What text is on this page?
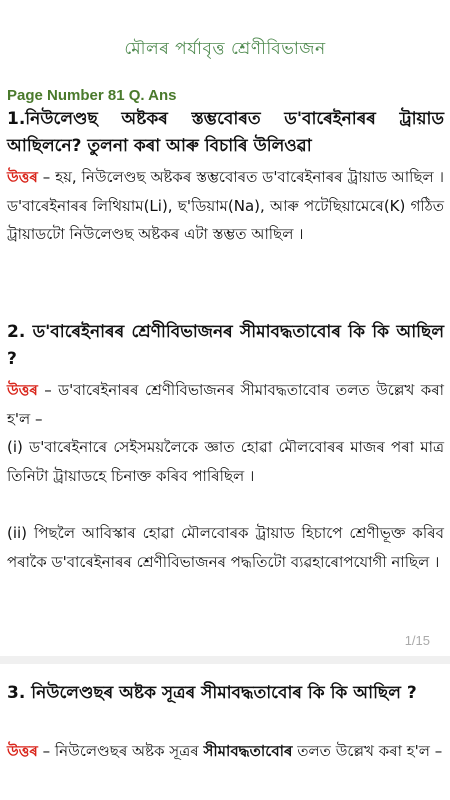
মৌলৰ পৰ্যাবৃত্ত শ্ৰেণীবিভাজন
Page Number 81 Q. Ans
1.নিউলেণ্ডছ অষ্টকৰ স্তম্ভবোৰত ড'বাৰেইনাৰৰ ট্ৰায়াড আছিলনে? তুলনা কৰা আৰু বিচাৰি উলিওৱা
উত্তৰ – হয়, নিউলেণ্ডছ অষ্টকৰ স্তম্ভবোৰত ড'বাৰেইনাৰৰ ট্ৰায়াড আছিল । ড'বাৰেইনাৰৰ লিথিয়াম(Li), ছ'ডিয়াম(Na), আৰু পটেছিয়ামেৰে(K) গঠিত ট্ৰায়াডটো নিউলেণ্ডছ অষ্টকৰ এটা স্তম্ভত আছিল ।
2. ড'বাৰেইনাৰৰ শ্ৰেণীবিভাজনৰ সীমাবদ্ধতাবোৰ কি কি আছিল ?
উত্তৰ – ড'বাৰেইনাৰৰ শ্ৰেণীবিভাজনৰ সীমাবদ্ধতাবোৰ তলত উল্লেখ কৰা হ'ল –
(i) ড'বাৰেইনাৰে সেইসময়লৈকে জ্ঞাত হোৱা মৌলবোৰৰ মাজৰ পৰা মাত্ৰ তিনিটা ট্ৰায়াডহে চিনাক্ত কৰিব পাৰিছিল ।
(ii) পিছলৈ আবিস্কাৰ হোৱা মৌলবোৰক ট্ৰায়াড হিচাপে শ্ৰেণীভূক্ত কৰিব পৰাকৈ ড'বাৰেইনাৰৰ শ্ৰেণীবিভাজনৰ পদ্ধতিটো ব্যৱহাৰোপযোগী নাছিল ।
1/15
3. নিউলেণ্ডছৰ অষ্টক সূত্ৰৰ সীমাবদ্ধতাবোৰ কি কি আছিল ?
উত্তৰ – নিউলেণ্ডছৰ অষ্টক সূত্ৰৰ সীমাবদ্ধতাবোৰ তলত উল্লেখ কৰা হ'ল –
